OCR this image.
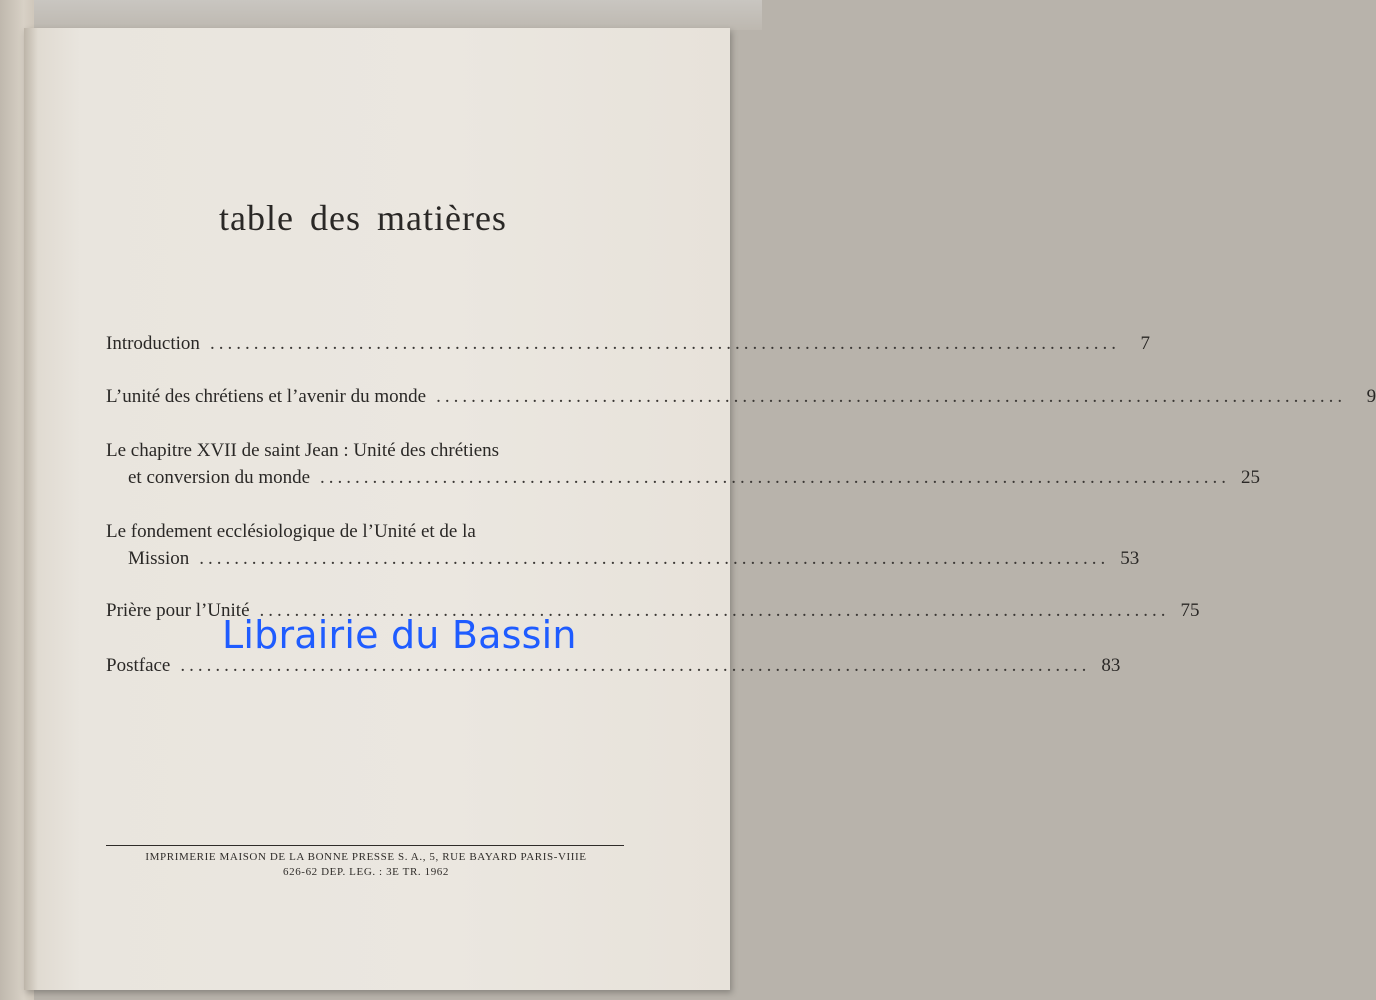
table des matières
Introduction ........................................................................................................	7
L’unité des chrétiens et l’avenir du monde ........................................................................................................	9
Le chapitre XVII de saint Jean : Unité des chrétiens
et conversion du monde ........................................................................................................ 25
Le fondement ecclésiologique de l’Unité et de la
Mission ........................................................................................................ 53
Prière pour l’Unité ........................................................................................................ 75
Postface ........................................................................................................ 83
IMPRIMERIE MAISON DE LA BONNE PRESSE S. A., 5, RUE BAYARD PARIS-VIIIE
626-62 DEP. LEG. : 3E TR. 1962
Librairie du Bassin
